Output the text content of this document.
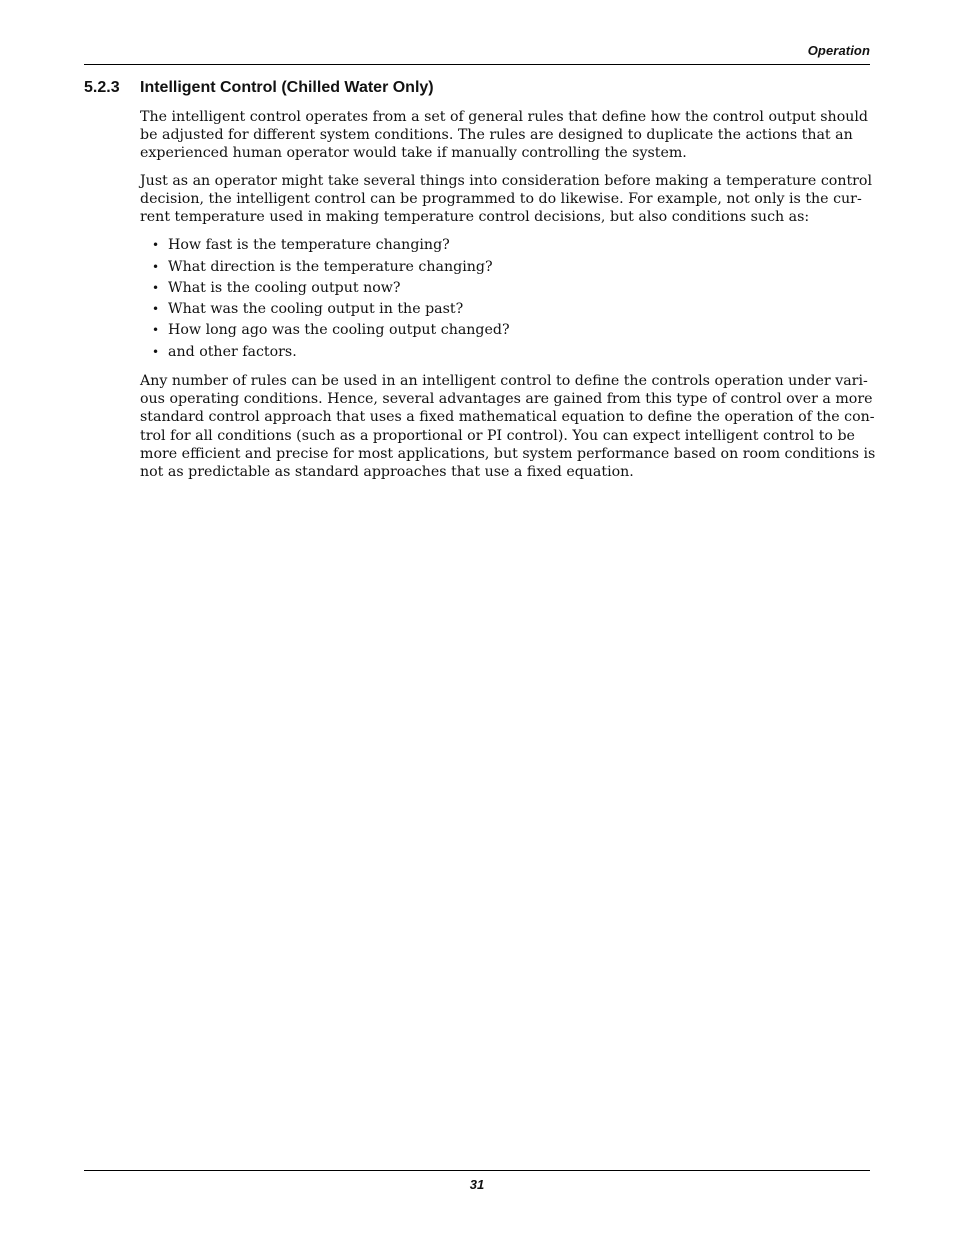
Operation
5.2.3 Intelligent Control (Chilled Water Only)

The intelligent control operates from a set of general rules that define how the control output should
be adjusted for different system conditions. The rules are designed to duplicate the actions that an
experienced human operator would take if manually controlling the system.

Just as an operator might take several things into consideration before making a temperature control
decision, the intelligent control can be programmed to do likewise. For example, not only is the cur-
rent temperature used in making temperature control decisions, but also conditions such as:

• How fast is the temperature changing?
• What direction is the temperature changing?
• What is the cooling output now?
• What was the cooling output in the past?
• How long ago was the cooling output changed?
• and other factors.

Any number of rules can be used in an intelligent control to define the controls operation under vari-
ous operating conditions. Hence, several advantages are gained from this type of control over a more
standard control approach that uses a fixed mathematical equation to define the operation of the con-
trol for all conditions (such as a proportional or PI control). You can expect intelligent control to be
more efficient and precise for most applications, but system performance based on room conditions is
not as predictable as standard approaches that use a fixed equation.

31
